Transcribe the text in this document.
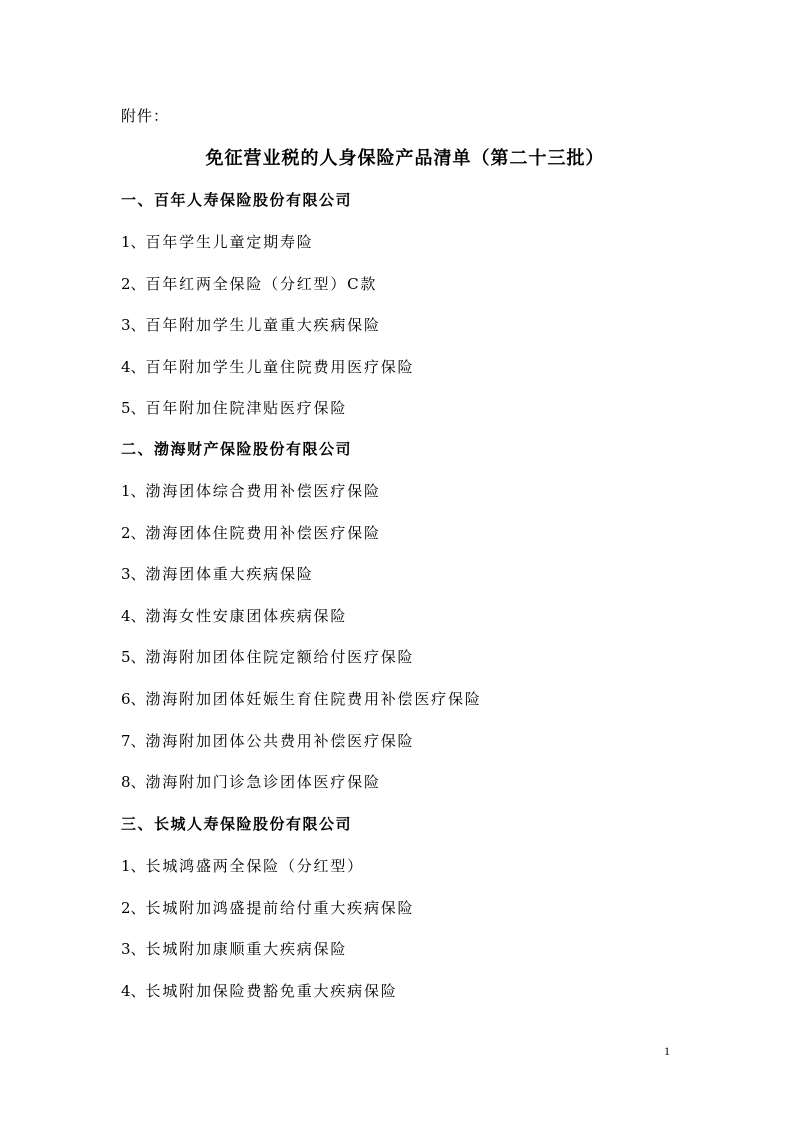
附件：
免征营业税的人身保险产品清单（第二十三批）
一、百年人寿保险股份有限公司
1、百年学生儿童定期寿险
2、百年红两全保险（分红型）C款
3、百年附加学生儿童重大疾病保险
4、百年附加学生儿童住院费用医疗保险
5、百年附加住院津贴医疗保险
二、渤海财产保险股份有限公司
1、渤海团体综合费用补偿医疗保险
2、渤海团体住院费用补偿医疗保险
3、渤海团体重大疾病保险
4、渤海女性安康团体疾病保险
5、渤海附加团体住院定额给付医疗保险
6、渤海附加团体妊娠生育住院费用补偿医疗保险
7、渤海附加团体公共费用补偿医疗保险
8、渤海附加门诊急诊团体医疗保险
三、长城人寿保险股份有限公司
1、长城鸿盛两全保险（分红型）
2、长城附加鸿盛提前给付重大疾病保险
3、长城附加康顺重大疾病保险
4、长城附加保险费豁免重大疾病保险
1
